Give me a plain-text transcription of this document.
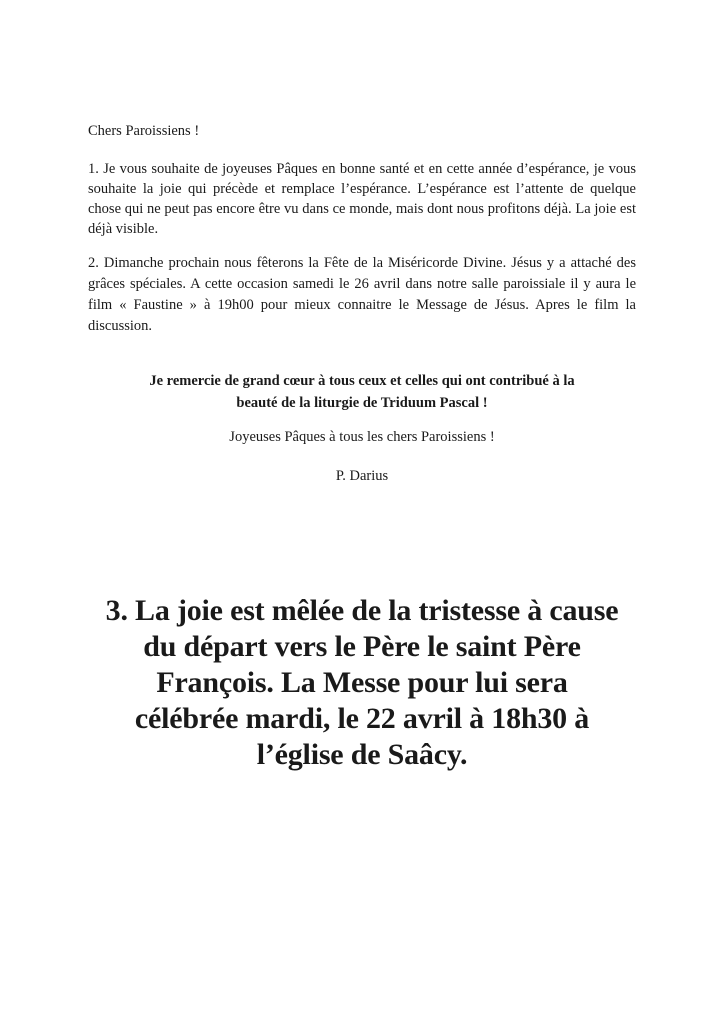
Chers Paroissiens !
1. Je vous souhaite de joyeuses Pâques en bonne santé et en cette année d’espérance, je vous souhaite la joie qui précède et remplace l’espérance. L’espérance est l’attente de quelque chose qui ne peut pas encore être vu dans ce monde, mais dont nous profitons déjà. La joie est déjà visible.
2. Dimanche prochain nous fêterons la Fête de la Miséricorde Divine. Jésus y a attaché des grâces spéciales. A cette occasion samedi le 26 avril dans notre salle paroissiale il y aura le film « Faustine » à 19h00 pour mieux connaitre le Message de Jésus. Apres le film la discussion.
Je remercie de grand cœur à tous ceux et celles qui ont contribué à la
beauté de la liturgie de Triduum Pascal !
Joyeuses Pâques à tous les chers Paroissiens !
P. Darius
3. La joie est mêlée de la tristesse à cause
du départ vers le Père le saint Père
François. La Messe pour lui sera
célébrée mardi, le 22 avril à 18h30 à
l’église de Saâcy.
